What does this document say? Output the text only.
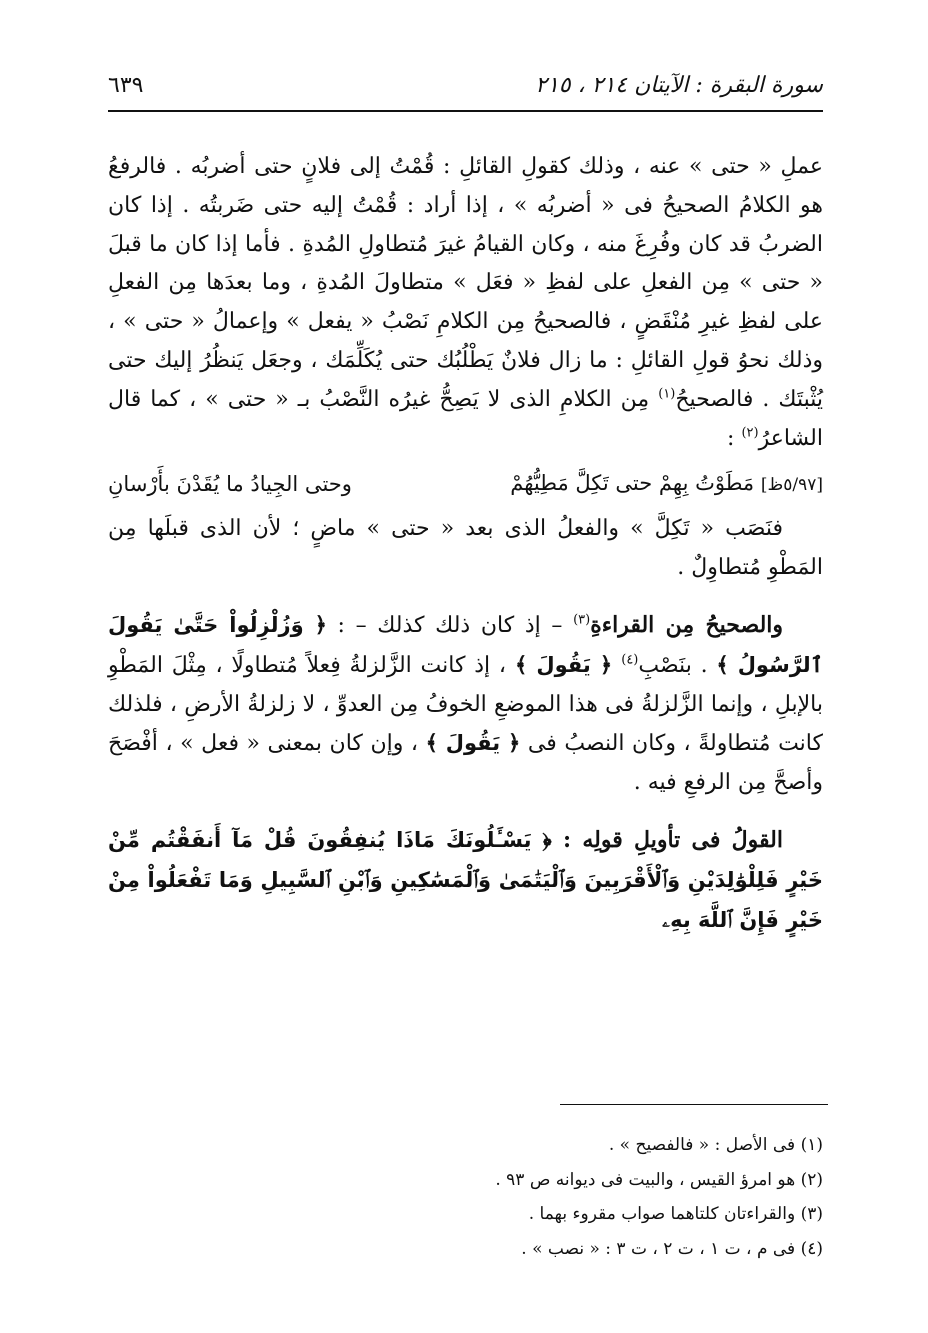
سورة البقرة : الآيتان ٢١٤ ، ٢١٥
٦٣٩

عملِ « حتى » عنه ، وذلك كقولِ القائلِ : قُمْتُ إلى فلانٍ حتى أضربُه . فالرفعُ هو الكلامُ الصحيحُ فى « أضربُه » ، إذا أراد : قُمْتُ إليه حتى ضَربتُه . إذا كان الضربُ قد كان وفُرِغَ منه ، وكان القيامُ غيرَ مُتطاولِ المُدةِ . فأما إذا كان ما قبلَ « حتى » مِن الفعلِ على لفظِ « فعَل » متطاولَ المُدةِ ، وما بعدَها مِن الفعلِ على لفظِ غيرِ مُنْقَضٍ ، فالصحيحُ مِن الكلامِ نَصْبُ « يفعل » وإعمالُ « حتى » ، وذلك نحوُ قولِ القائلِ : ما زال فلانٌ يَطْلُبُك حتى يُكَلِّمَك ، وجعَل يَنظُرُ إليك حتى يُثْبتَك . فالصحيحُ$^{(١)}$ مِن الكلامِ الذى لا يَصِحُّ غيرُه النَّصْبُ بـ « حتى » ، كما قال الشاعرُ$^{(٢)}$ :

[٥/٩٧ظ] مَطَوْتُ بِهِمْ حتى تَكِلَّ مَطِيُّهُمْ
وحتى الجِيادُ ما يُقَدْنَ بأَرْسانِ

فنَصَب « تَكِلَّ » والفعلُ الذى بعد « حتى » ماضٍ ؛ لأن الذى قبلَها مِن المَطْوِ مُتطاوِلٌ .

والصحيحُ مِن القراءةِ$^{(٣)}$ – إذ كان ذلك كذلك – : ﴿ وَزُلْزِلُواْ حَتَّىٰ يَقُولَ ٱلرَّسُولُ ﴾ . بنَصْبِ$^{(٤)}$ ﴿ يَقُولَ ﴾ ، إذ كانت الزَّلزلةُ فِعلاً مُتطاولًا ، مِثْلَ المَطْوِ بالإبلِ ، وإنما الزَّلزلةُ فى هذا الموضعِ الخوفُ مِن العدوِّ ، لا زلزلةُ الأرضِ ، فلذلك كانت مُتطاولةً ، وكان النصبُ فى ﴿ يَقُولَ ﴾ ، وإن كان بمعنى « فعل » ، أفْصَحَ وأصحَّ مِن الرفعِ فيه .

القولُ فى تأويلِ قولِه : ﴿ يَسْـَٔلُونَكَ مَاذَا يُنفِقُونَ قُلْ مَآ أَنفَقْتُم مِّنْ خَيْرٍ فَلِلْوَٰلِدَيْنِ وَٱلْأَقْرَبِينَ وَٱلْيَتَٰمَىٰ وَٱلْمَسَٰكِينِ وَٱبْنِ ٱلسَّبِيلِ وَمَا تَفْعَلُواْ مِنْ خَيْرٍ فَإِنَّ ٱللَّهَ بِهِۦ

(١) فى الأصل : « فالفصيح » .

(٢) هو امرؤ القيس ، والبيت فى ديوانه ص ٩٣ .

(٣) والقراءتان كلتاهما صواب مقروء بهما .

(٤) فى م ، ت ١ ، ت ٢ ، ت ٣ : « نصب » .
